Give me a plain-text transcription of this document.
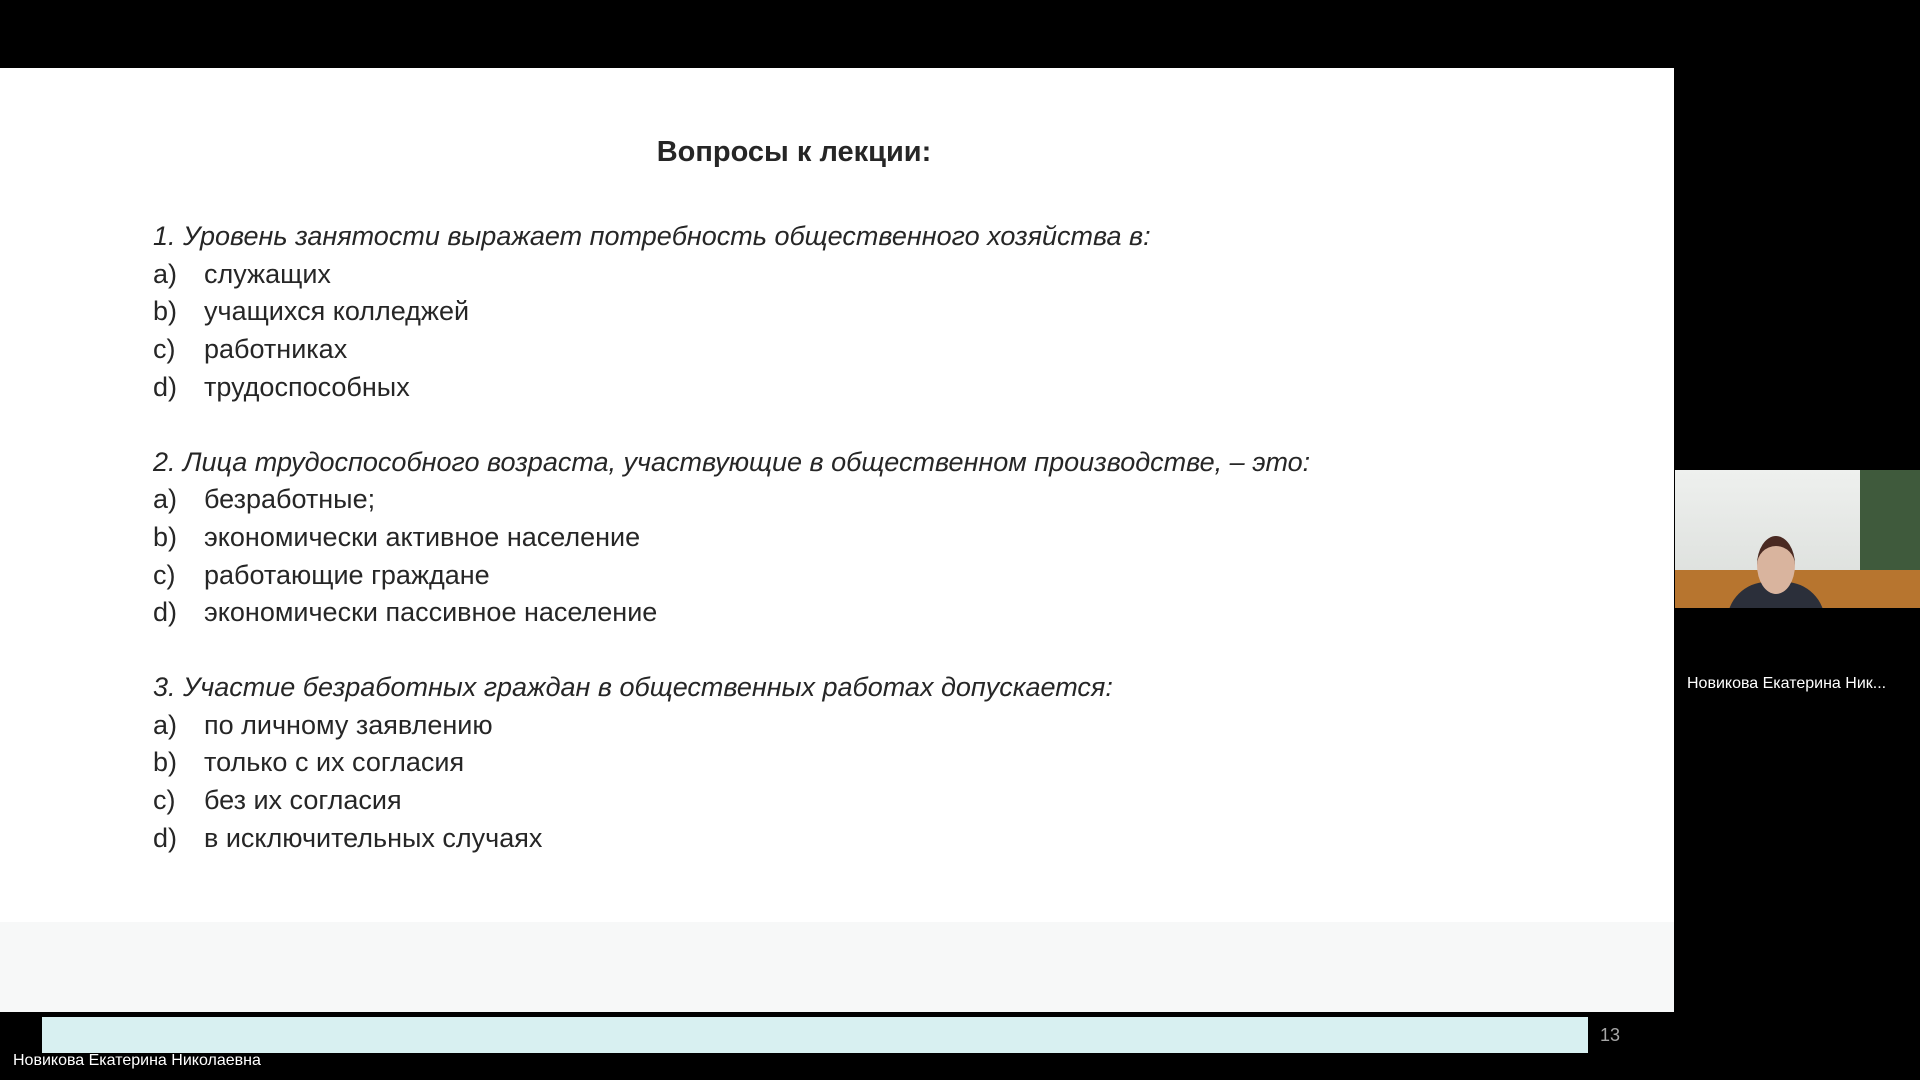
Вопросы к лекции:
1. Уровень занятости выражает потребность общественного хозяйства в:
a) служащих
b) учащихся колледжей
c)	работниках
d) трудоспособных
2. Лица трудоспособного возраста, участвующие в общественном производстве, – это:
a) безработные;
b) экономически активное население
c)	работающие граждане
d) экономически пассивное население
3. Участие безработных граждан в общественных работах допускается:
a) по личному заявлению
b) только с их согласия
c)	без их согласия
d) в исключительных случаях
13
Новикова Екатерина Ник...
Новикова Екатерина Николаевна
